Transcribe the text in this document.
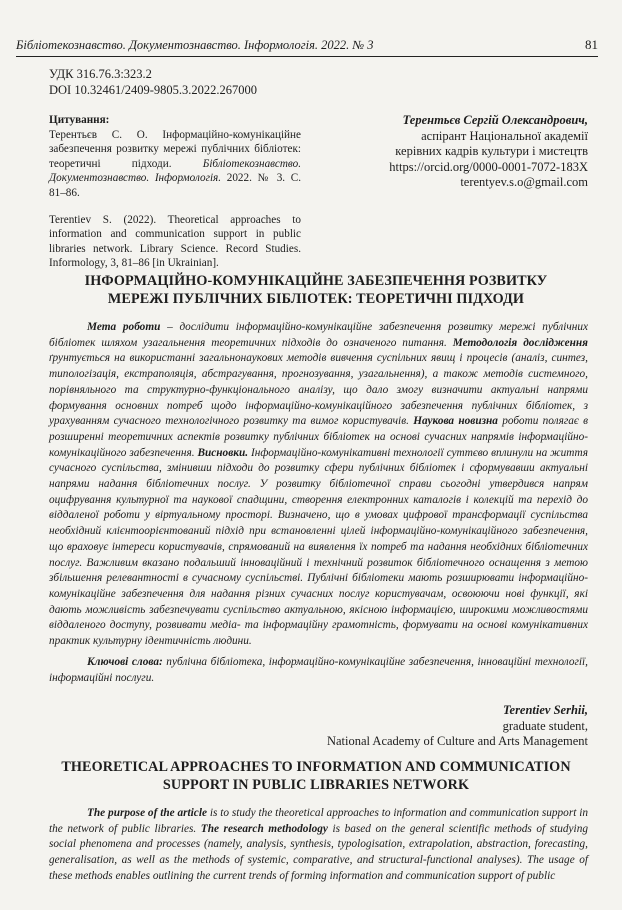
Бібліотекознавство. Документознавство. Інформологія. 2022. № 3	81
УДК 316.76.3:323.2
DOI 10.32461/2409-9805.3.2022.267000
Цитування:

Терентьєв С. О. Інформаційно-комунікаційне забезпечення розвитку мережі публічних бібліотек: теоретичні підходи.	Бібліотекознавство. Документознавство. Інформологія. 2022. № 3. С. 81–86.

Terentiev S. (2022). Theoretical approaches to information and communication support in public libraries network. Library Science. Record Studies. Informology, 3, 81–86 [in Ukrainian].

Терентьєв Сергій Олександрович,
аспірант Національної академії
керівних кадрів культури і мистецтв
https://orcid.org/0000-0001-7072-183X
terentyev.s.o@gmail.com
ІНФОРМАЦІЙНО-КОМУНІКАЦІЙНЕ ЗАБЕЗПЕЧЕННЯ РОЗВИТКУ
МЕРЕЖІ ПУБЛІЧНИХ БІБЛІОТЕК: ТЕОРЕТИЧНІ ПІДХОДИ

Мета роботи – дослідити інформаційно-комунікаційне забезпечення розвитку мережі публічних бібліотек шляхом узагальнення теоретичних підходів до означеного питання. Методологія дослідження ґрунтується на використанні загальнонаукових методів вивчення суспільних явищ і процесів (аналіз, синтез, типологізація, екстраполяція, абстрагування, прогнозування, узагальнення), а також методів системного, порівняльного та структурно-функціонального аналізу, що дало змогу визначити актуальні напрями формування основних потреб щодо інформаційно-комунікаційного забезпечення публічних бібліотек, з урахуванням сучасного технологічного розвитку та вимог користувачів. Наукова новизна роботи полягає в розширенні теоретичних аспектів розвитку публічних бібліотек на основі сучасних напрямів інформаційно-комунікаційного забезпечення. Висновки. Інформаційно-комунікативні технології суттєво вплинули на життя сучасного суспільства, змінивши підходи до розвитку сфери публічних бібліотек і сформувавши актуальні напрями надання бібліотечних послуг. У розвитку бібліотечної справи сьогодні утвердився напрям оцифрування культурної та наукової спадщини, створення електронних каталогів і колекцій та перехід до віддаленої роботи у віртуальному просторі. Визначено, що в умовах цифрової трансформації суспільства необхідний клієнтоорієнтований підхід при встановленні цілей інформаційно-комунікаційного забезпечення, що враховує інтереси користувачів, спрямований на виявлення їх потреб та надання необхідних бібліотечних послуг. Важливим вказано подальший інноваційний і технічний розвиток бібліотечного оснащення з метою збільшення релевантності в сучасному суспільстві. Публічні бібліотеки мають розширювати інформаційно-комунікаційне забезпечення для надання різних сучасних послуг користувачам, освоюючи нові функції, які дають можливість забезпечувати суспільство актуальною, якісною інформацією, широкими можливостями віддаленого доступу, розвивати медіа- та інформаційну грамотність, формувати на основі комунікативних практик культурну ідентичність людини.

Ключові слова: публічна бібліотека, інформаційно-комунікаційне забезпечення, інноваційні технології, інформаційні послуги.
Terentiev Serhii,
graduate student,
National Academy of Culture and Arts Management
THEORETICAL APPROACHES TO INFORMATION AND COMMUNICATION
SUPPORT IN PUBLIC LIBRARIES NETWORK

The purpose of the article is to study the theoretical approaches to information and communication support in the network of public libraries. The research methodology is based on the general scientific methods of studying social phenomena and processes (namely, analysis, synthesis, typologisation, extrapolation, abstraction, forecasting, generalisation, as well as the methods of systemic, comparative, and structural-functional analyses). The usage of these methods enables outlining the current trends of forming information and communication support of public
